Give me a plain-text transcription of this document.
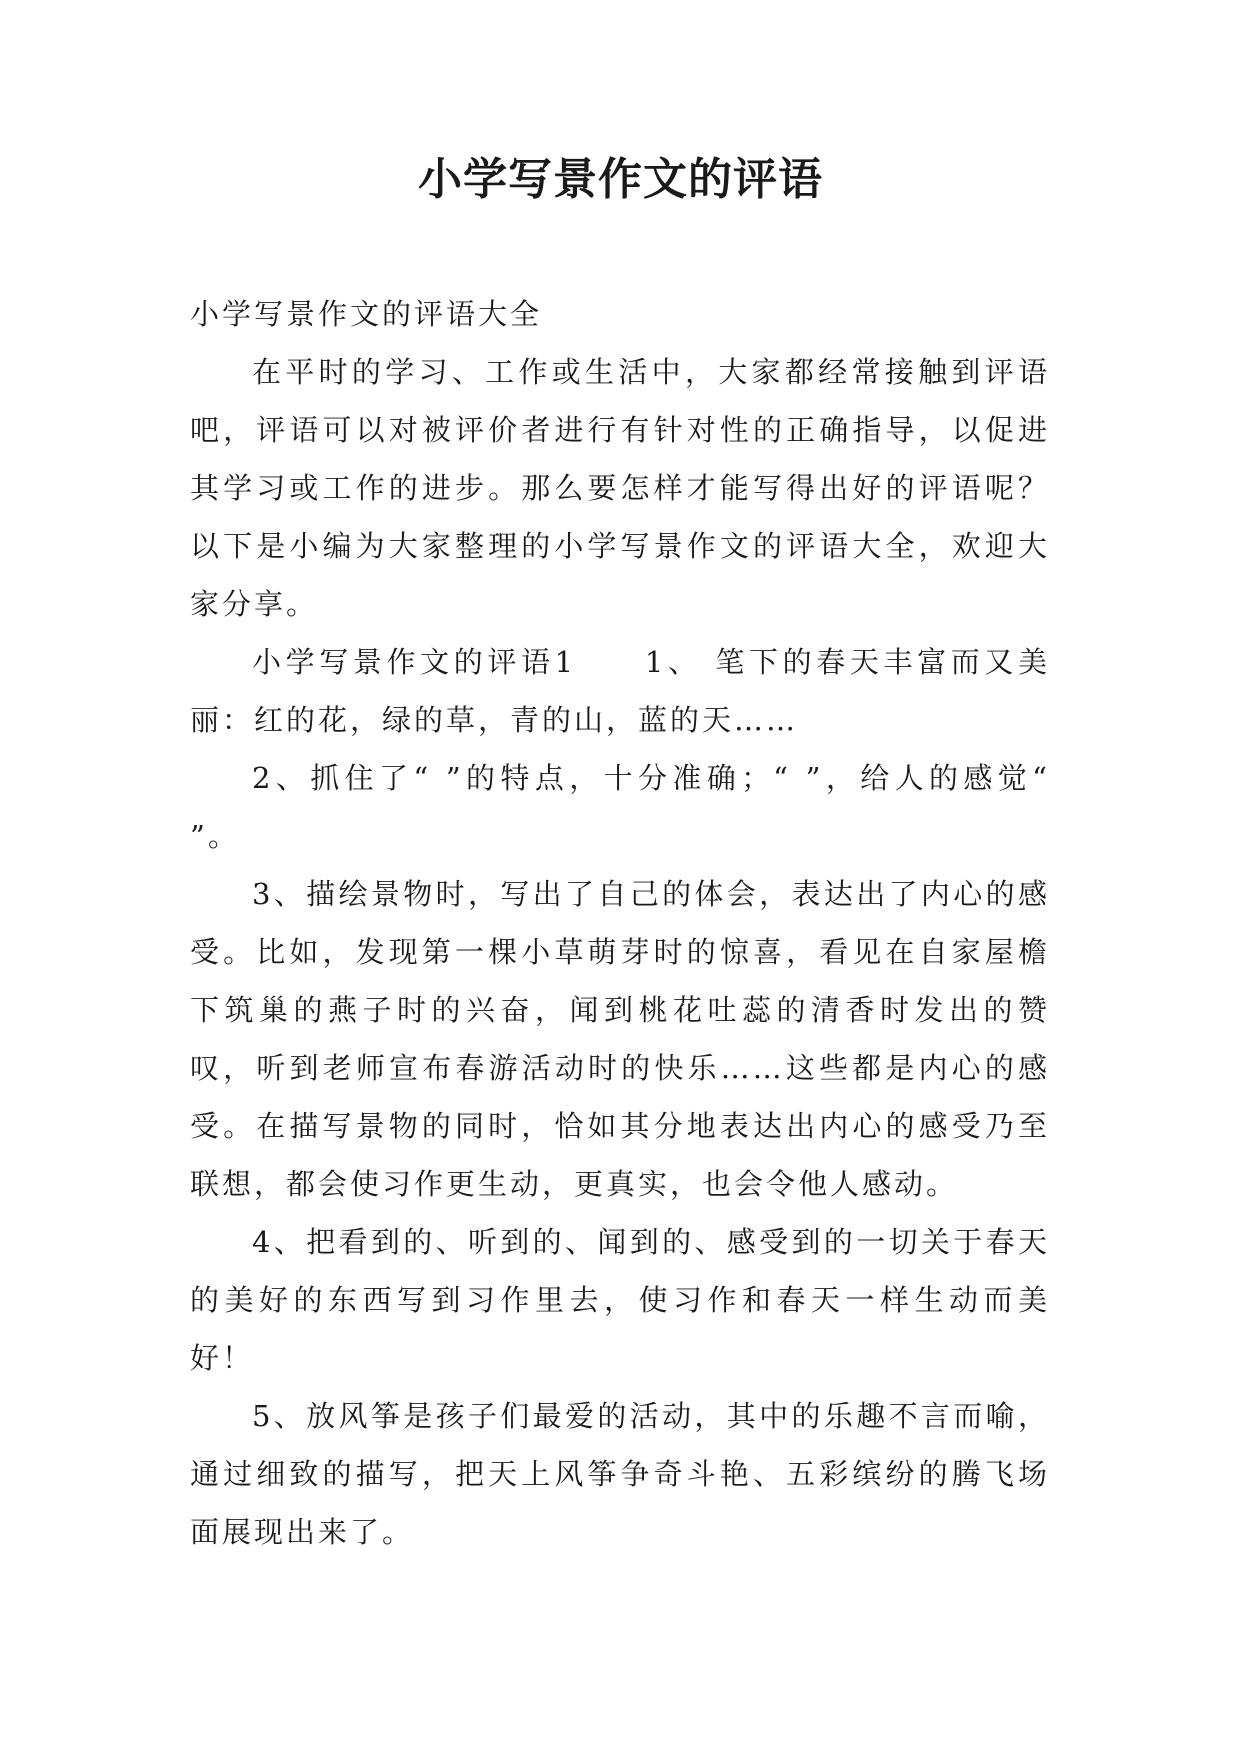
小学写景作文的评语

小学写景作文的评语大全

在平时的学习、工作或生活中，大家都经常接触到评语吧，评语可以对被评价者进行有针对性的正确指导，以促进其学习或工作的进步。那么要怎样才能写得出好的评语呢？以下是小编为大家整理的小学写景作文的评语大全，欢迎大家分享。

小学写景作文的评语1　　1、 笔下的春天丰富而又美丽：红的花，绿的草，青的山，蓝的天……

2、抓住了“ ”的特点，十分准确；“ ”，给人的感觉“ ”。

3、描绘景物时，写出了自己的体会，表达出了内心的感受。比如，发现第一棵小草萌芽时的惊喜，看见在自家屋檐下筑巢的燕子时的兴奋，闻到桃花吐蕊的清香时发出的赞叹，听到老师宣布春游活动时的快乐……这些都是内心的感受。在描写景物的同时，恰如其分地表达出内心的感受乃至联想，都会使习作更生动，更真实，也会令他人感动。

4、把看到的、听到的、闻到的、感受到的一切关于春天的美好的东西写到习作里去，使习作和春天一样生动而美好！

5、放风筝是孩子们最爱的活动，其中的乐趣不言而喻，通过细致的描写，把天上风筝争奇斗艳、五彩缤纷的腾飞场面展现出来了。
